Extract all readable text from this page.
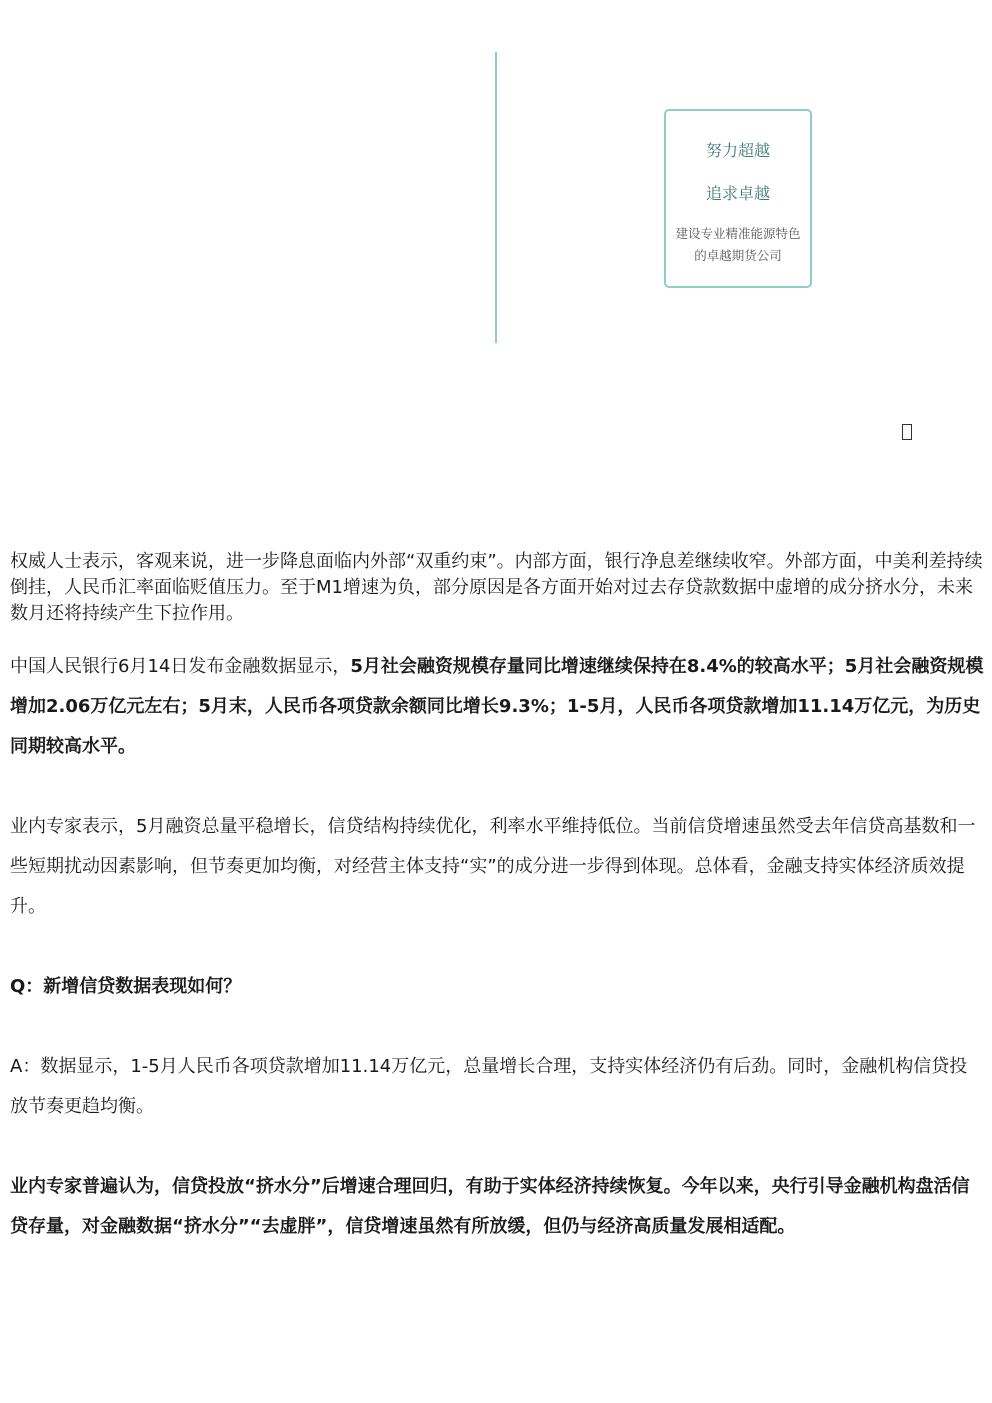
努力超越
追求卓越
建设专业精准能源特色的卓越期货公司

权威人士表示，客观来说，进一步降息面临内外部“双重约束”。内部方面，银行净息差继续收窄。外部方面，中美利差持续倒挂，人民币汇率面临贬值压力。至于M1增速为负，部分原因是各方面开始对过去存贷款数据中虚增的成分挤水分，未来数月还将持续产生下拉作用。

中国人民银行6月14日发布金融数据显示，5月社会融资规模存量同比增速继续保持在8.4%的较高水平；5月社会融资规模增加2.06万亿元左右；5月末，人民币各项贷款余额同比增长9.3%；1-5月，人民币各项贷款增加11.14万亿元，为历史同期较高水平。

业内专家表示，5月融资总量平稳增长，信贷结构持续优化，利率水平维持低位。当前信贷增速虽然受去年信贷高基数和一些短期扰动因素影响，但节奏更加均衡，对经营主体支持“实”的成分进一步得到体现。总体看，金融支持实体经济质效提升。

Q：新增信贷数据表现如何？

A：数据显示，1-5月人民币各项贷款增加11.14万亿元，总量增长合理，支持实体经济仍有后劲。同时，金融机构信贷投放节奏更趋均衡。

业内专家普遍认为，信贷投放“挤水分”后增速合理回归，有助于实体经济持续恢复。今年以来，央行引导金融机构盘活信贷存量，对金融数据“挤水分”“去虚胖”，信贷增速虽然有所放缓，但仍与经济高质量发展相适配。
